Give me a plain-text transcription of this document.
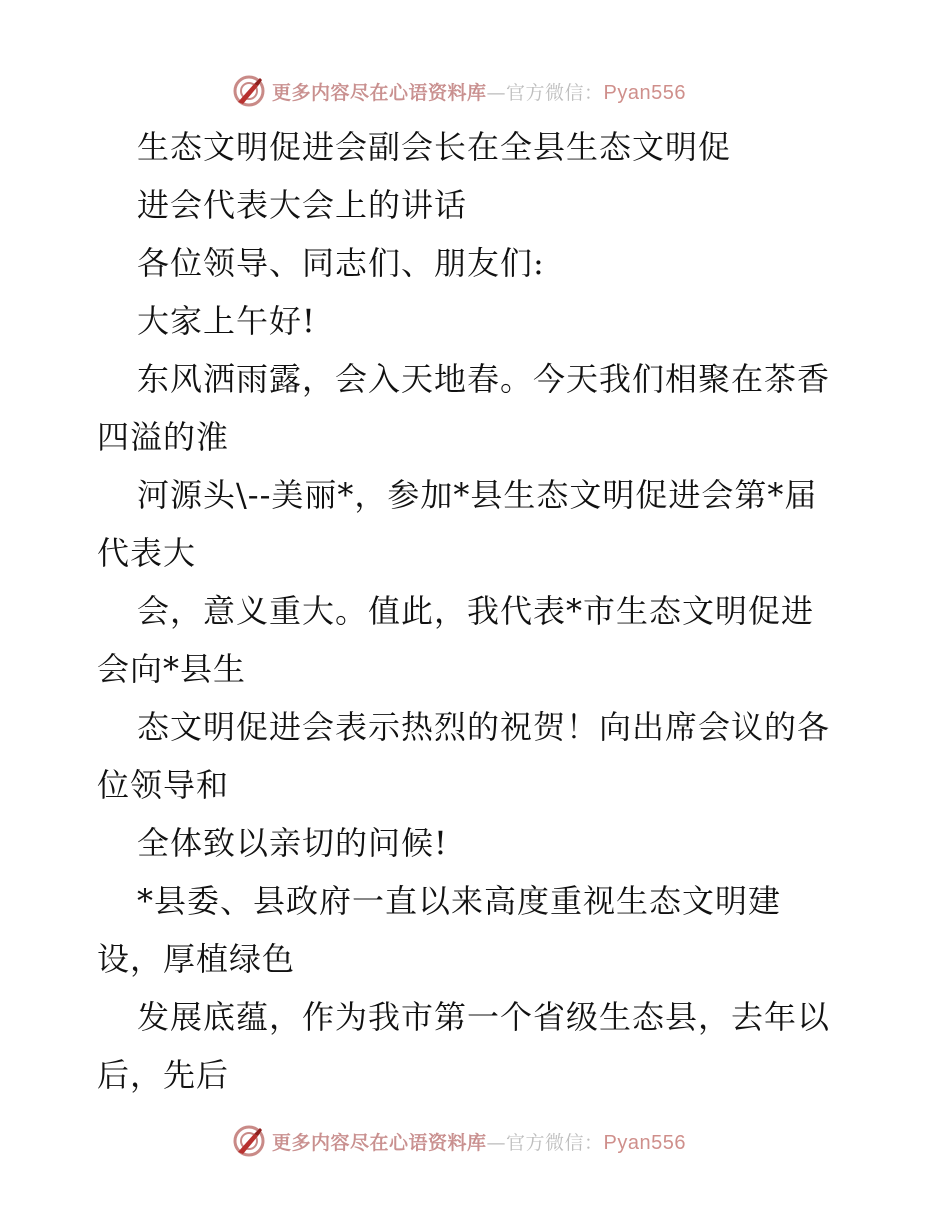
更多内容尽在心语资料库—官方微信：Pyan556
生态文明促进会副会长在全县生态文明促
进会代表大会上的讲话
各位领导、同志们、朋友们:
大家上午好!
东风洒雨露，会入天地春。今天我们相聚在茶香
四溢的淮
河源头\--美丽*，参加*县生态文明促进会第*届
代表大
会，意义重大。值此，我代表*市生态文明促进
会向*县生
态文明促进会表示热烈的祝贺！向出席会议的各
位领导和
全体致以亲切的问候!
*县委、县政府一直以来高度重视生态文明建
设，厚植绿色
发展底蕴，作为我市第一个省级生态县，去年以
后，先后
更多内容尽在心语资料库—官方微信：Pyan556
